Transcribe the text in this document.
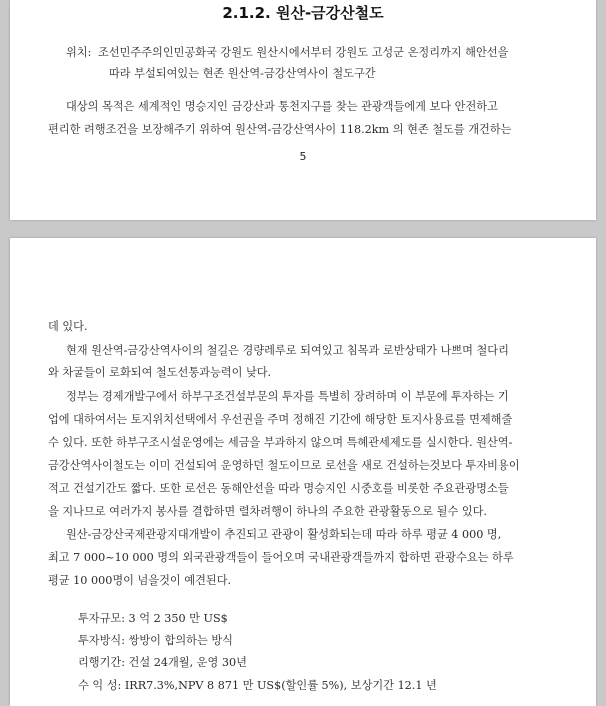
2.1.2. 원산-금강산철도
위치: 조선민주주의인민공화국 강원도 원산시에서부터 강원도 고성군 온정리까지 해안선을
따라 부설되여있는 현존 원산역-금강산역사이 철도구간
대상의 목적은 세계적인 명승지인 금강산과 통천지구를 찾는 관광객들에게 보다 안전하고
편리한 려행조건을 보장해주기 위하여 원산역-금강산역사이 118.2km 의 현존 철도를 개건하는
5
데 있다.
현재 원산역-금강산역사이의 철길은 경량레루로 되여있고 침목과 로반상태가 나쁘며 철다리
와 차굴들이 로화되여 철도선통과능력이 낮다.
정부는 경제개발구에서 하부구조건설부문의 투자를 특별히 장려하며 이 부문에 투자하는 기
업에 대하여서는 토지위치선택에서 우선권을 주며 정해진 기간에 해당한 토지사용료를 면제해줄
수 있다. 또한 하부구조시설운영에는 세금을 부과하지 않으며 특혜관세제도를 실시한다. 원산역-
금강산역사이철도는 이미 건설되여 운영하던 철도이므로 로선을 새로 건설하는것보다 투자비용이
적고 건설기간도 짧다. 또한 로선은 동해안선을 따라 명승지인 시중호를 비롯한 주요관광명소들
을 지나므로 여러가지 봉사를 결합하면 렬차려행이 하나의 주요한 관광활동으로 될수 있다.
원산-금강산국제관광지대개발이 추진되고 관광이 활성화되는데 따라 하루 평균 4 000 명,
최고 7 000~10 000 명의 외국관광객들이 들어오며 국내관광객들까지 합하면 관광수요는 하루
평균 10 000명이 넘을것이 예견된다.
투자규모: 3 억 2 350 만 US$
투자방식: 쌍방이 합의하는 방식
리행기간: 건설 24개월, 운영 30년
수 익 성: IRR7.3%,NPV 8 871 만 US$(할인률 5%), 보상기간 12.1 년
